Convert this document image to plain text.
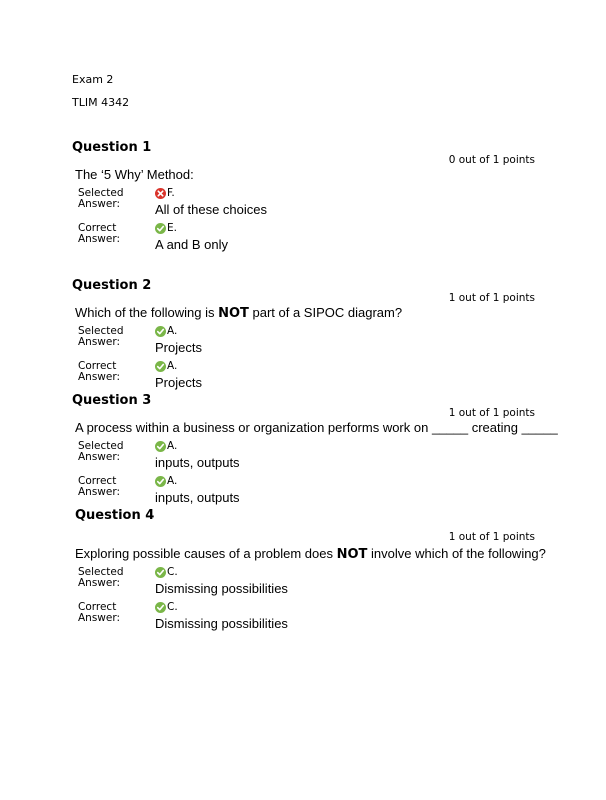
Exam 2
TLIM 4342
Question 1
0 out of 1 points
The ‘5 Why’ Method:
Selected
Answer:
F.
All of these choices
Correct
Answer:
E.
A and B only
Question 2
1 out of 1 points
Which of the following is NOT part of a SIPOC diagram?
Selected
Answer:
A.
Projects
Correct
Answer:
A.
Projects
Question 3
1 out of 1 points
A process within a business or organization performs work on _____ creating _____
Selected
Answer:
A.
inputs, outputs
Correct
Answer:
A.
inputs, outputs
Question 4
1 out of 1 points
Exploring possible causes of a problem does NOT involve which of the following?
Selected
Answer:
C.
Dismissing possibilities
Correct
Answer:
C.
Dismissing possibilities
